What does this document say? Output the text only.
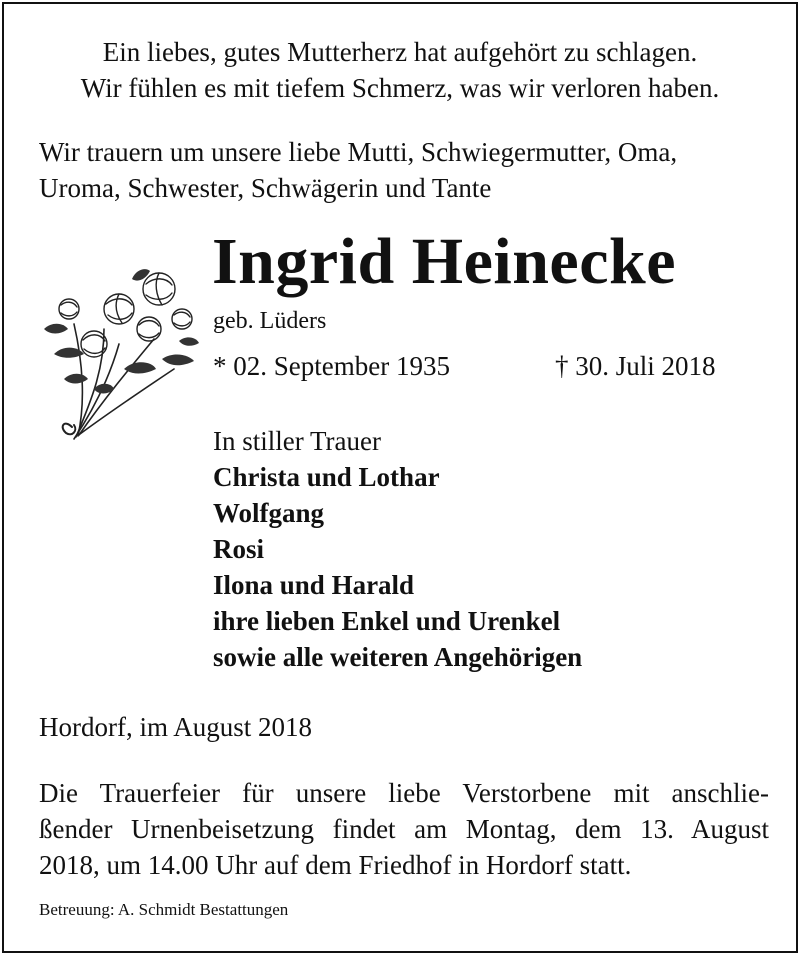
Ein liebes, gutes Mutterherz hat aufgehört zu schlagen.
Wir fühlen es mit tiefem Schmerz, was wir verloren haben.

Wir trauern um unsere liebe Mutti, Schwiegermutter, Oma,
Uroma, Schwester, Schwägerin und Tante

Ingrid Heinecke

geb. Lüders

* 02. September 1935	† 30. Juli 2018

In stiller Trauer
Christa und Lothar
Wolfgang
Rosi
Ilona und Harald
ihre lieben Enkel und Urenkel
sowie alle weiteren Angehörigen

Hordorf, im August 2018

Die Trauerfeier für unsere liebe Verstorbene mit anschlie-
ßender Urnenbeisetzung findet am Montag, dem 13. August
2018, um 14.00 Uhr auf dem Friedhof in Hordorf statt.

Betreuung: A. Schmidt Bestattungen
